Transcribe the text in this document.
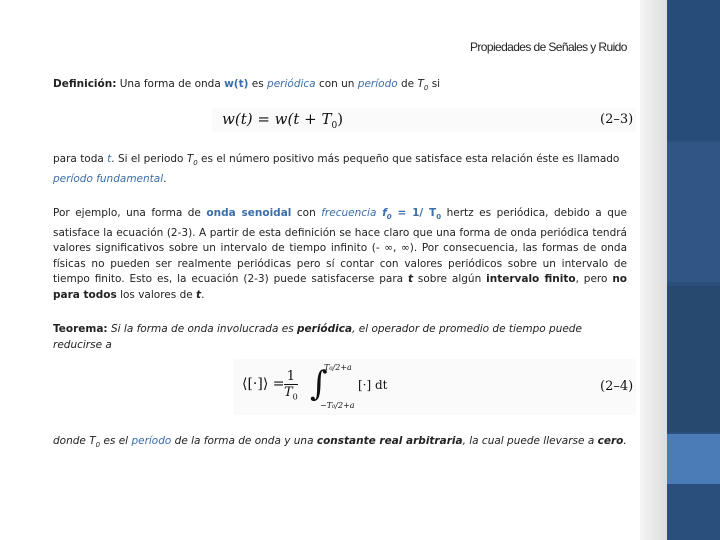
Propiedades de Señales y Ruido

Definición: Una forma de onda w(t) es periódica con un período de $T_0$ si

$w(t) = w(t + T_0)$	(2–3)

para toda t. Si el periodo $T_0$ es el número positivo más pequeño que satisface esta relación éste es llamado período fundamental.

Por ejemplo, una forma de onda senoidal con frecuencia $f_0 = 1/$ $T_0$ hertz es periódica, debido a que satisface la ecuación (2-3). A partir de esta definición se hace claro que una forma de onda periódica tendrá valores significativos sobre un intervalo de tiempo infinito (- ∞, ∞). Por consecuencia, las formas de onda físicas no pueden ser realmente periódicas pero sí contar con valores periódicos sobre un intervalo de tiempo finito. Esto es, la ecuación (2-3) puede satisfacerse para t sobre algún intervalo finito, pero no para todos los valores de t.

Teorema: Si la forma de onda involucrada es periódica, el operador de promedio de tiempo puede reducirse a

⟨[·]⟩ = $\frac{1}{T_0}$ ∫
T₀/2+a
−T₀/2+a
[·] dt	(2–4)

donde $T_0$ es el período de la forma de onda y una constante real arbitraria, la cual puede llevarse a cero.
